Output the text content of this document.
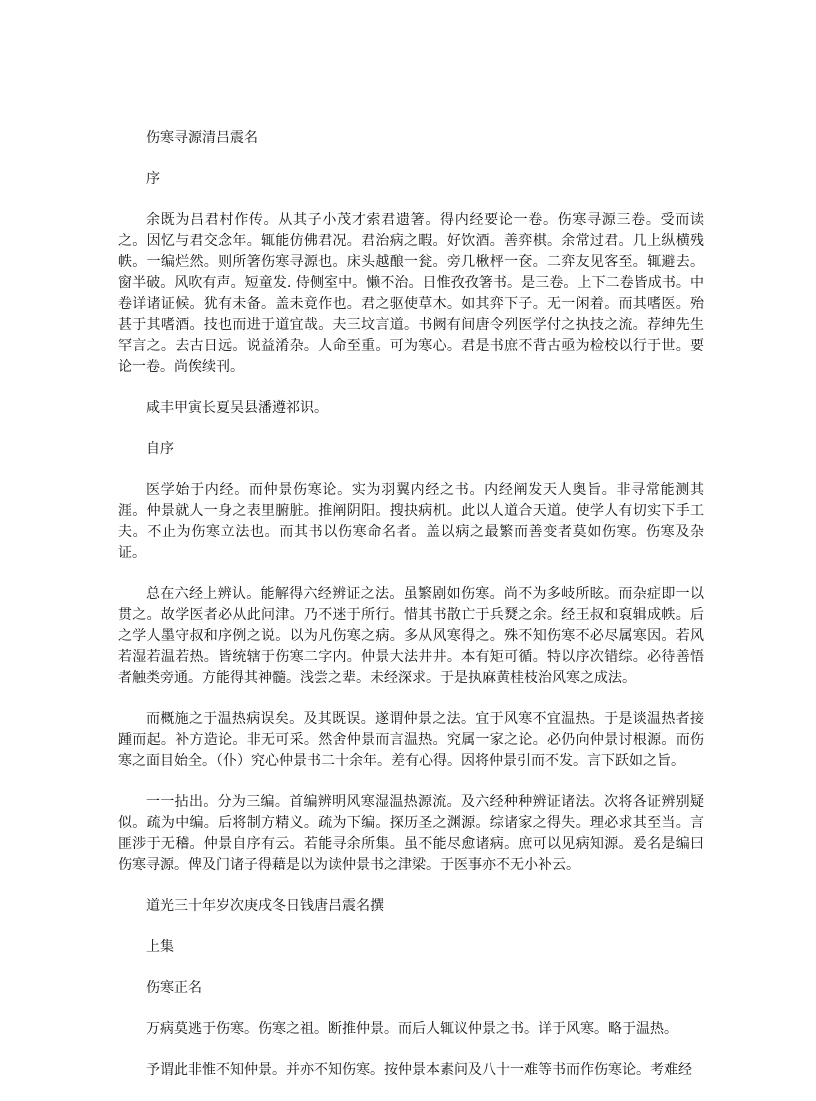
伤寒寻源清吕震名

序

余既为吕君村作传。从其子小茂才索君遗箸。得内经要论一卷。伤寒寻源三卷。受而读之。因忆与君交念年。辄能仿佛君况。君治病之暇。好饮酒。善弈棋。余常过君。几上纵横残帙。一编烂然。则所箸伤寒寻源也。床头越酿一瓮。旁几楸枰一奁。二弈友见客至。辄避去。窗半破。风吹有声。短童发. 侍侧室中。懒不治。日惟孜孜箸书。是三卷。上下二卷皆成书。中卷详诸证候。犹有未备。盖未竟作也。君之驱使草木。如其弈下子。无一闲着。而其嗜医。殆甚于其嗜酒。技也而进于道宜哉。夫三坟言道。书阙有间唐令列医学付之执技之流。荐绅先生罕言之。去古日远。说益淆杂。人命至重。可为寒心。君是书庶不背古亟为检校以行于世。要论一卷。尚俟续刊。

咸丰甲寅长夏吴县潘遵祁识。

自序

医学始于内经。而仲景伤寒论。实为羽翼内经之书。内经阐发天人奥旨。非寻常能测其涯。仲景就人一身之表里腑脏。推阐阴阳。搜抉病机。此以人道合天道。使学人有切实下手工夫。不止为伤寒立法也。而其书以伤寒命名者。盖以病之最繁而善变者莫如伤寒。伤寒及杂证。

总在六经上辨认。能解得六经辨证之法。虽繁剧如伤寒。尚不为多岐所眩。而杂症即一以贯之。故学医者必从此问津。乃不迷于所行。惜其书散亡于兵燹之余。经王叔和裒辑成帙。后之学人墨守叔和序例之说。以为凡伤寒之病。多从风寒得之。殊不知伤寒不必尽属寒因。若风若湿若温若热。皆统辖于伤寒二字内。仲景大法井井。本有矩可循。特以序次错综。必待善悟者触类旁通。方能得其神髓。浅尝之辈。未经深求。于是执麻黄桂枝治风寒之成法。

而概施之于温热病误矣。及其既误。遂谓仲景之法。宜于风寒不宜温热。于是谈温热者接踵而起。补方造论。非无可采。然舍仲景而言温热。究属一家之论。必仍向仲景讨根源。而伤寒之面目始全。（仆）究心仲景书二十余年。差有心得。因将仲景引而不发。言下跃如之旨。

一一拈出。分为三编。首编辨明风寒湿温热源流。及六经种种辨证诸法。次将各证辨别疑似。疏为中编。后将制方精义。疏为下编。探历圣之渊源。综诸家之得失。理必求其至当。言匪涉于无稽。仲景自序有云。若能寻余所集。虽不能尽愈诸病。庶可以见病知源。爰名是编曰伤寒寻源。俾及门诸子得藉是以为读仲景书之津梁。于医事亦不无小补云。

道光三十年岁次庚戌冬日钱唐吕震名撰

上集

伤寒正名

万病莫逃于伤寒。伤寒之祖。断推仲景。而后人辄议仲景之书。详于风寒。略于温热。

予谓此非惟不知仲景。并亦不知伤寒。按仲景本素问及八十一难等书而作伤寒论。考难经
